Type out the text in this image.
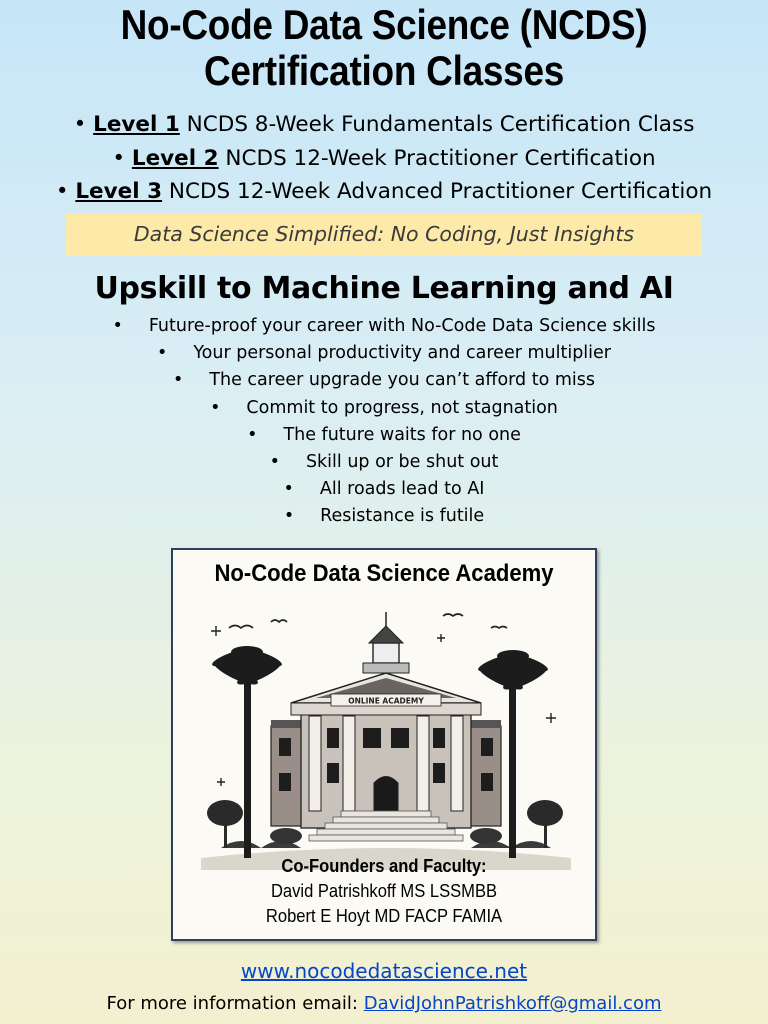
No-Code Data Science (NCDS)
Certification Classes
• Level 1 NCDS 8-Week Fundamentals Certification Class
• Level 2 NCDS 12-Week Practitioner Certification
• Level 3 NCDS 12-Week Advanced Practitioner Certification
Data Science Simplified: No Coding, Just Insights
Upskill to Machine Learning and AI
• Future-proof your career with No-Code Data Science skills
• Your personal productivity and career multiplier
• The career upgrade you can’t afford to miss
• Commit to progress, not stagnation
• The future waits for no one
• Skill up or be shut out
• All roads lead to AI
• Resistance is futile
No-Code Data Science Academy
ONLINE ACADEMY
Co-Founders and Faculty:
David Patrishkoff MS LSSMBB
Robert E Hoyt MD FACP FAMIA
www.nocodedatascience.net
For more information email: DavidJohnPatrishkoff@gmail.com
